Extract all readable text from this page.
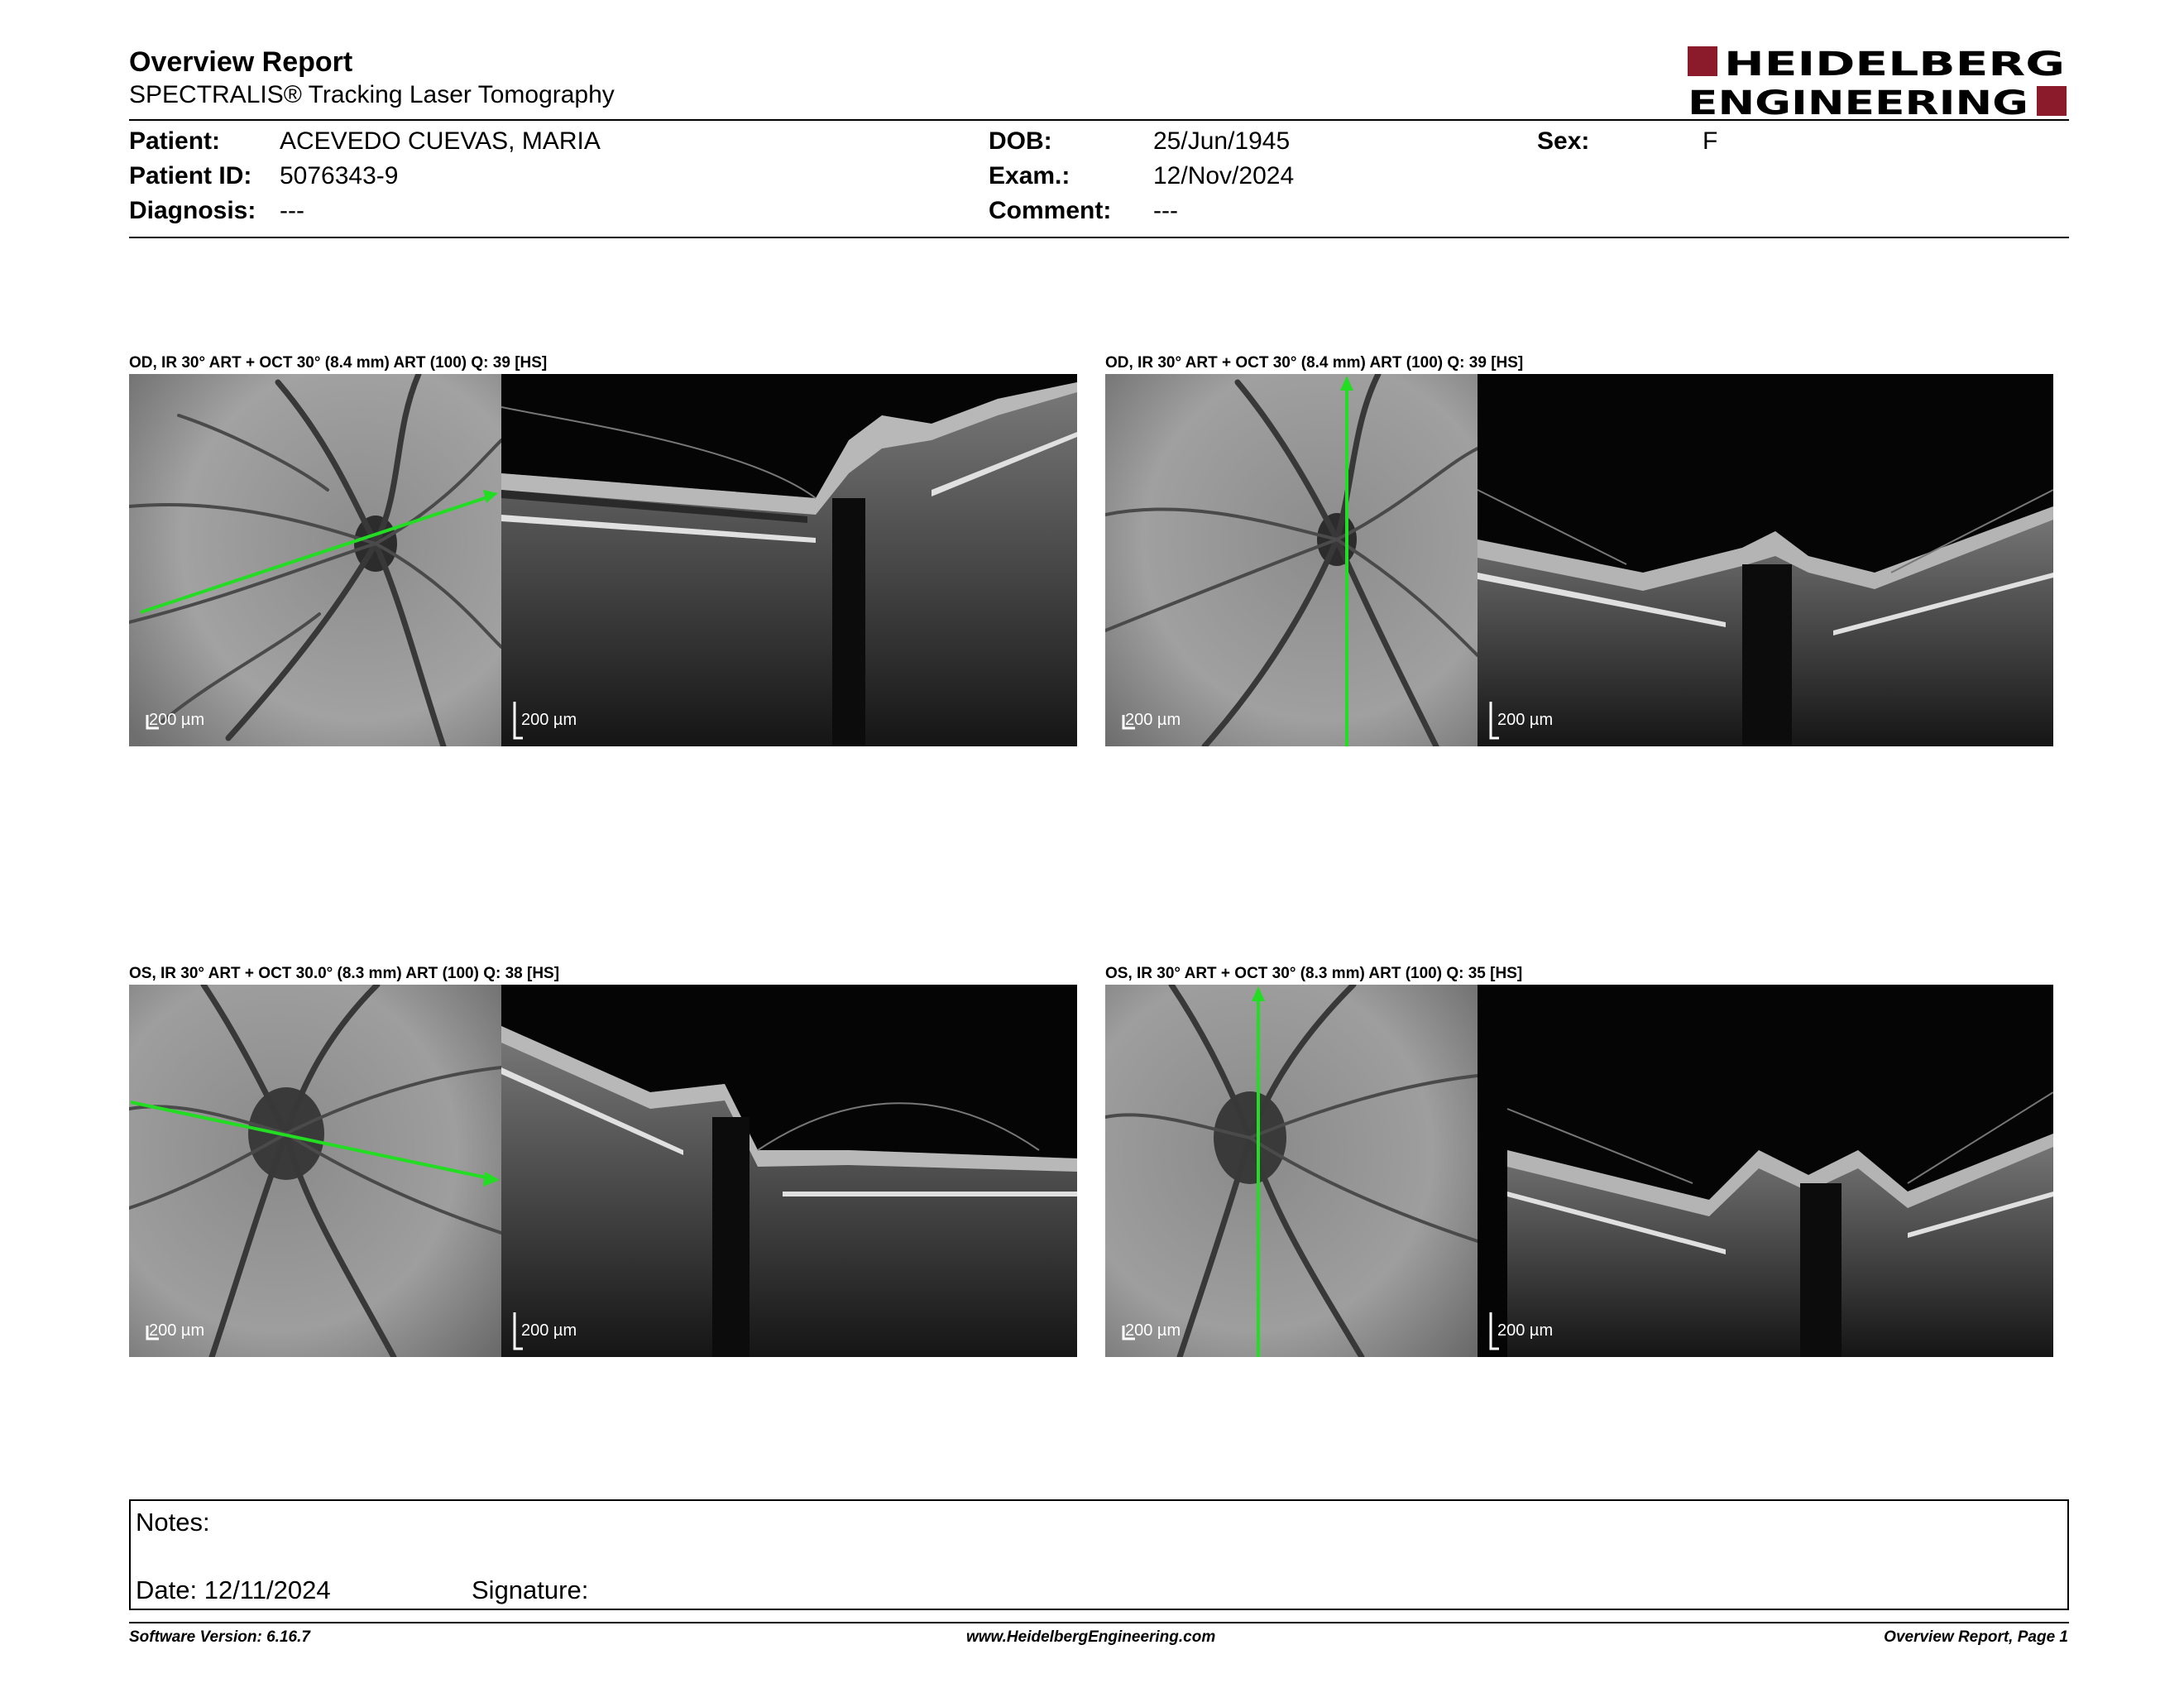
Overview Report
SPECTRALIS® Tracking Laser Tomography
HEIDELBERG
ENGINEERING
Patient: ACEVEDO CUEVAS, MARIA
Patient ID: 5076343-9
Diagnosis: ---
DOB:	25/Jun/1945
Exam.:	12/Nov/2024
Comment: ---
Sex:	F
OD, IR 30° ART + OCT 30° (8.4 mm) ART (100) Q: 39 [HS]	OD, IR 30° ART + OCT 30° (8.4 mm) ART (100) Q: 39 [HS]
OS, IR 30° ART + OCT 30.0° (8.3 mm) ART (100) Q: 38 [HS]	OS, IR 30° ART + OCT 30° (8.3 mm) ART (100) Q: 35 [HS]
200 µm	200 µm	200 µm	200 µm
200 µm	200 µm	200 µm	200 µm
Notes:
Date: 12/11/2024	Signature:
Software Version: 6.16.7	www.HeidelbergEngineering.com	Overview Report, Page 1
